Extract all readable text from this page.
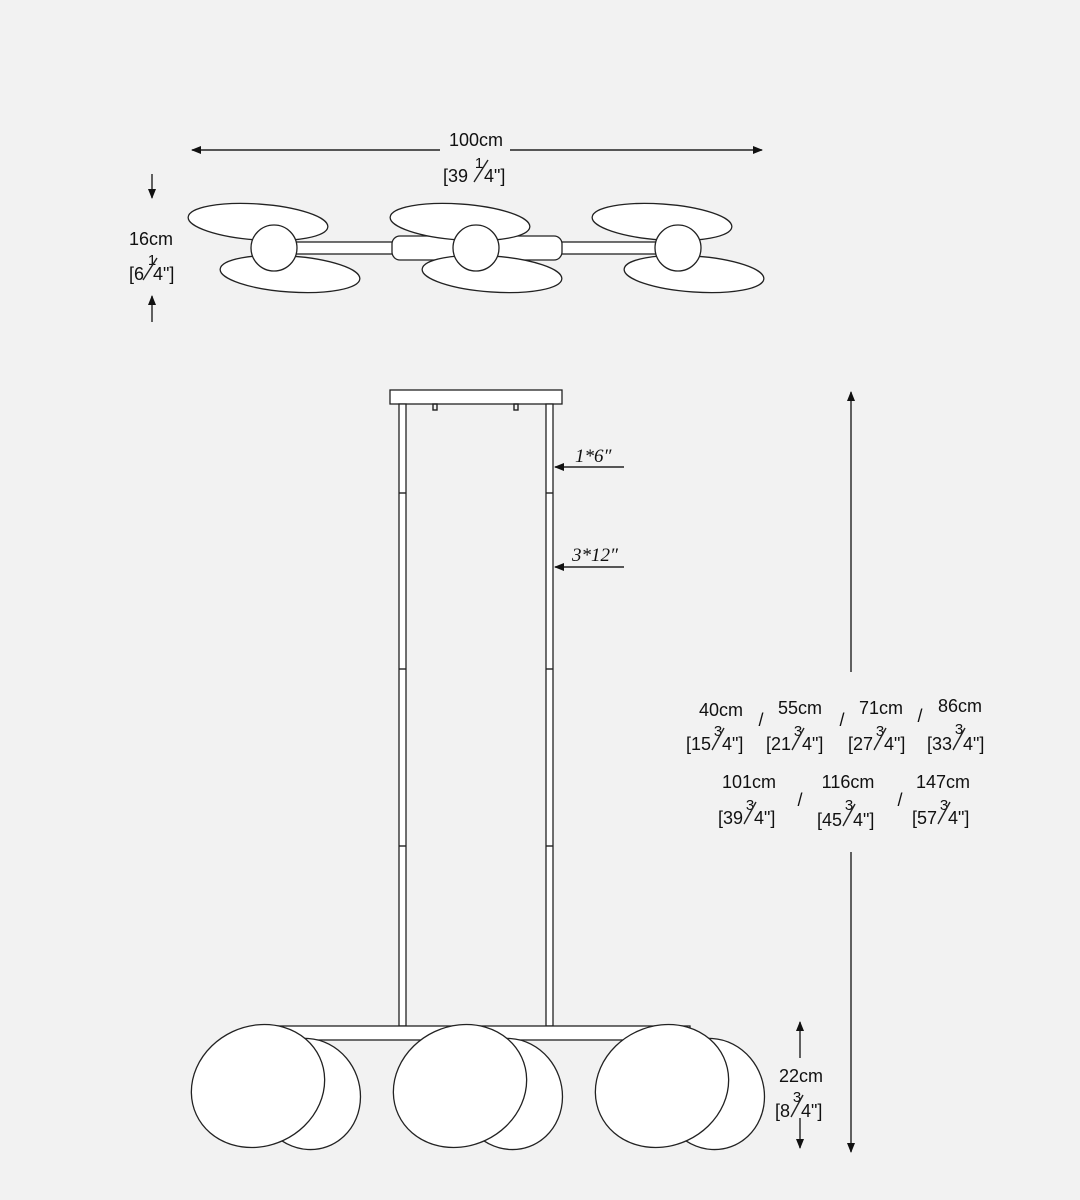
100cm
[39
1
4"]
16cm
[6
1
4"]
1*6″
3*12″
40cm
[15
3
4"]
/
55cm
[21
3
4"]
/
71cm
[27
3
4"]
/ 86cm
[33
3
4"]
101cm
[39
3
4"]
/
116cm
[45
3
4"]
/
147cm
[57
3
4"]
22cm
[8
3
4"]
